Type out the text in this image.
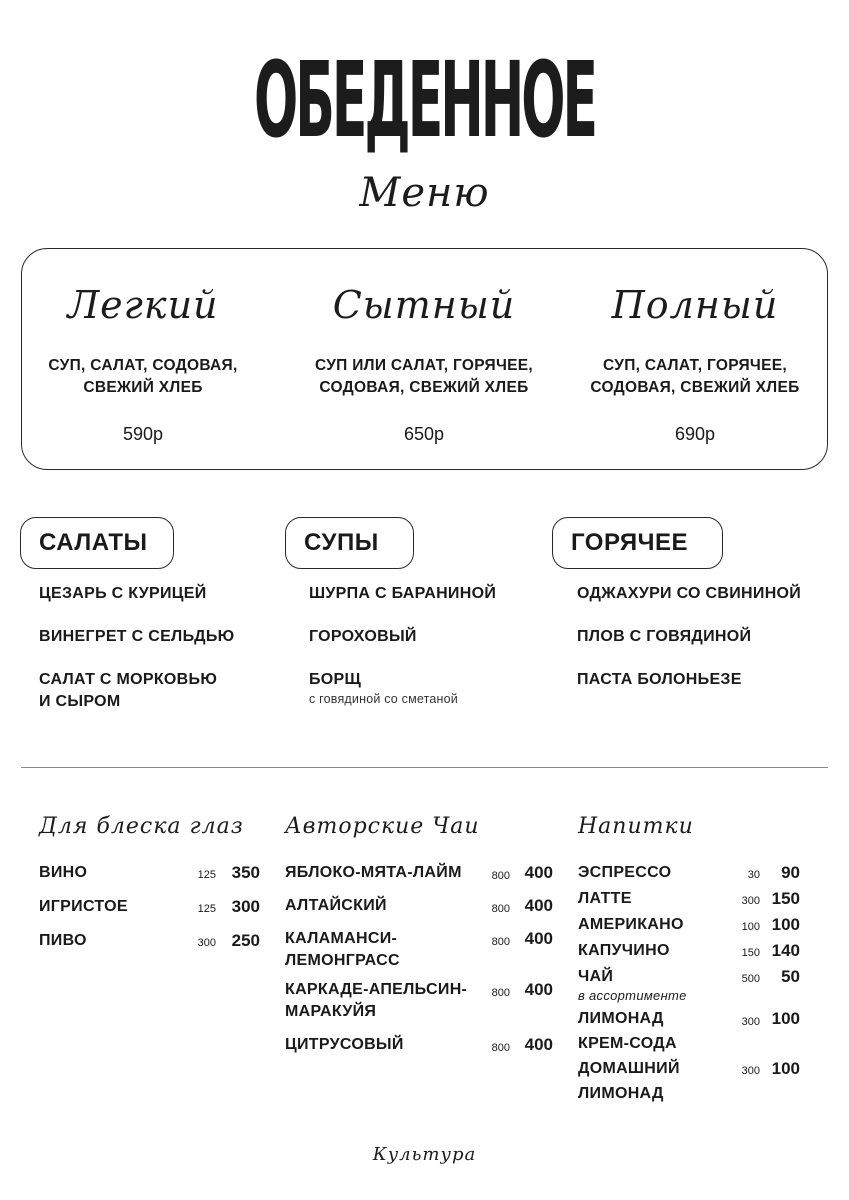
ОБЕДЕННОЕ
Меню
Легкий
СУП, САЛАТ, СОДОВАЯ,
СВЕЖИЙ ХЛЕБ
590р
Сытный
СУП ИЛИ САЛАТ, ГОРЯЧЕЕ,
СОДОВАЯ, СВЕЖИЙ ХЛЕБ
650р
Полный
СУП, САЛАТ, ГОРЯЧЕЕ,
СОДОВАЯ, СВЕЖИЙ ХЛЕБ
690р
САЛАТЫ	СУПЫ	ГОРЯЧЕЕ
ЦЕЗАРЬ С КУРИЦЕЙ
ВИНЕГРЕТ С СЕЛЬДЬЮ
САЛАТ С МОРКОВЬЮ
И СЫРОМ
ШУРПА С БАРАНИНОЙ
ГОРОХОВЫЙ
БОРЩ
с говядиной со сметаной
ОДЖАХУРИ СО СВИНИНОЙ
ПЛОВ С ГОВЯДИНОЙ
ПАСТА БОЛОНЬЕЗЕ
Для блеска глаз
ВИНО	125 350
ИГРИСТОЕ	125 300
ПИВО	300 250
Авторские Чаи
ЯБЛОКО-МЯТА-ЛАЙМ	800 400
АЛТАЙСКИЙ	800 400
КАЛАМАНСИ-
ЛЕМОНГРАСС
800 400
КАРКАДЕ-АПЕЛЬСИН-
МАРАКУЙЯ
800 400
ЦИТРУСОВЫЙ	800 400
Напитки
ЭСПРЕССО	30	90
ЛАТТЕ	300 150
АМЕРИКАНО	100 100
КАПУЧИНО	150 140
ЧАЙ
в ассортименте
500	50
ЛИМОНАД	300 100
КРЕМ-СОДА
ДОМАШНИЙ
ЛИМОНАД
300 100
Культура
